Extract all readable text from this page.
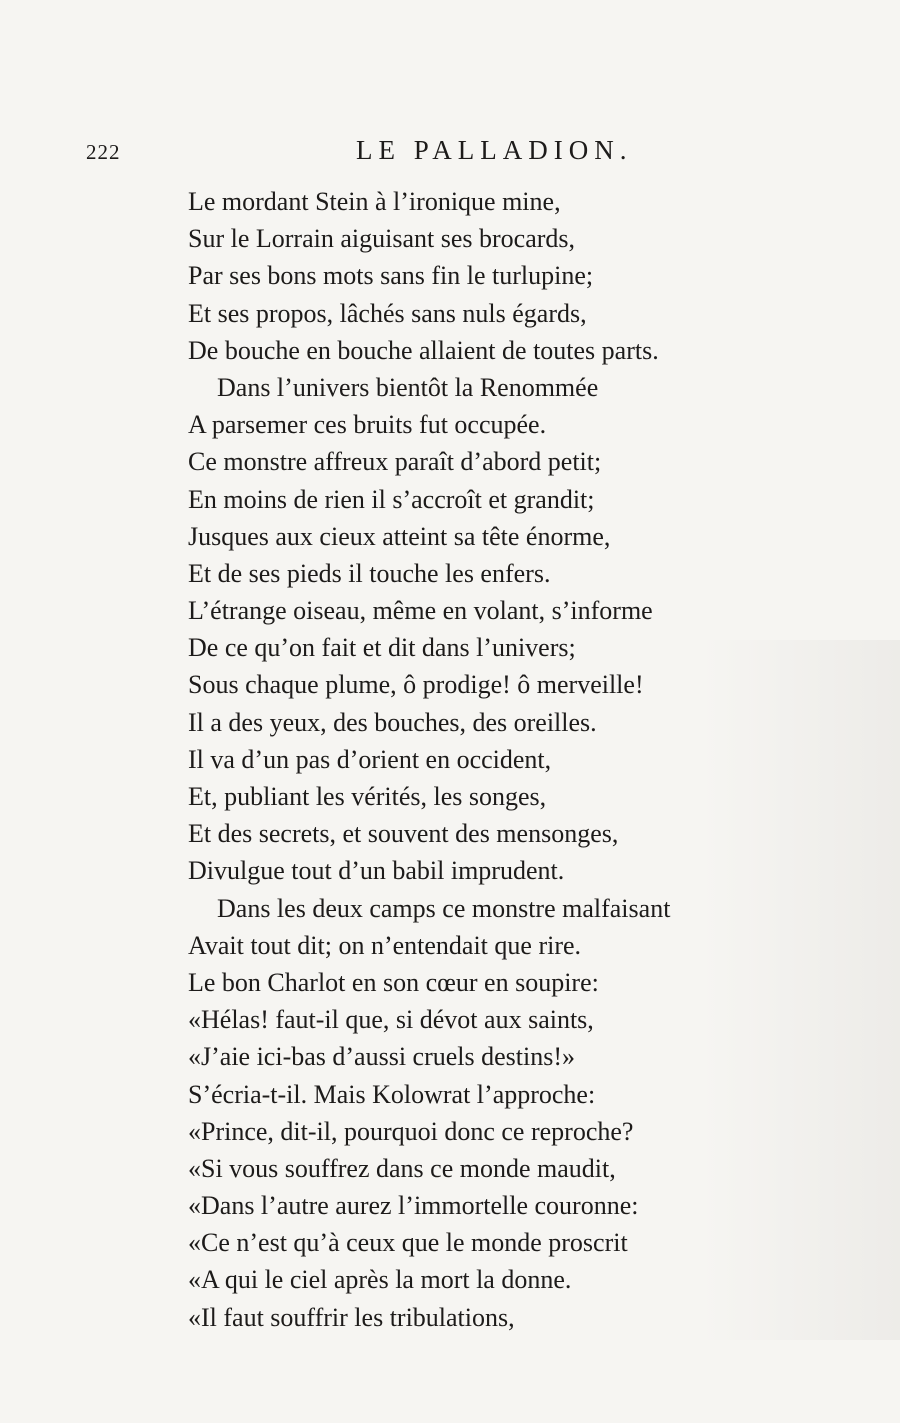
222	LE PALLADION.
Le mordant Stein à l’ironique mine,
Sur le Lorrain aiguisant ses brocards,
Par ses bons mots sans fin le turlupine;
Et ses propos, lâchés sans nuls égards,
De bouche en bouche allaient de toutes parts.
Dans l’univers bientôt la Renommée
A parsemer ces bruits fut occupée.
Ce monstre affreux paraît d’abord petit;
En moins de rien il s’accroît et grandit;
Jusques aux cieux atteint sa tête énorme,
Et de ses pieds il touche les enfers.
L’étrange oiseau, même en volant, s’informe
De ce qu’on fait et dit dans l’univers;
Sous chaque plume, ô prodige! ô merveille!
Il a des yeux, des bouches, des oreilles.
Il va d’un pas d’orient en occident,
Et, publiant les vérités, les songes,
Et des secrets, et souvent des mensonges,
Divulgue tout d’un babil imprudent.
Dans les deux camps ce monstre malfaisant
Avait tout dit; on n’entendait que rire.
Le bon Charlot en son cœur en soupire:
«Hélas! faut-il que, si dévot aux saints,
«J’aie ici-bas d’aussi cruels destins!»
S’écria-t-il. Mais Kolowrat l’approche:
«Prince, dit-il, pourquoi donc ce reproche?
«Si vous souffrez dans ce monde maudit,
«Dans l’autre aurez l’immortelle couronne:
«Ce n’est qu’à ceux que le monde proscrit
«A qui le ciel après la mort la donne.
«Il faut souffrir les tribulations,
